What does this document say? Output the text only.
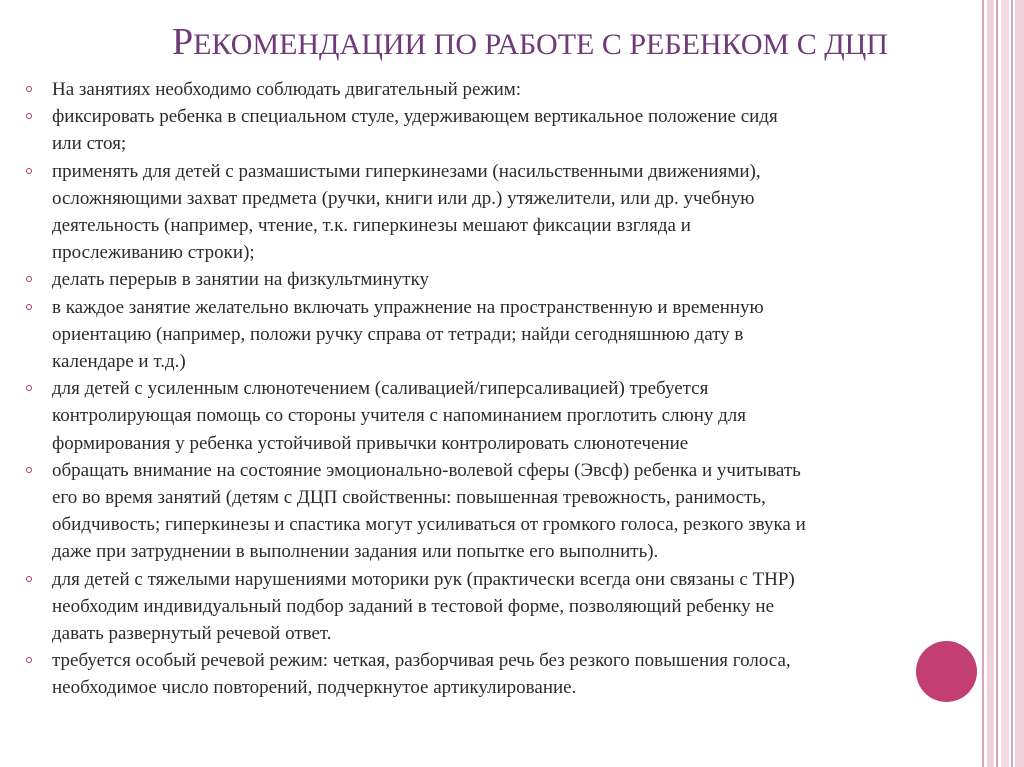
РЕКОМЕНДАЦИИ ПО РАБОТЕ С РЕБЕНКОМ С ДЦП
На занятиях необходимо соблюдать двигательный режим:
фиксировать ребенка в специальном стуле, удерживающем вертикальное положение сидя
или стоя;
применять для детей с размашистыми гиперкинезами (насильственными движениями),
осложняющими захват предмета (ручки, книги или др.) утяжелители, или др. учебную
деятельность (например, чтение, т.к. гиперкинезы мешают фиксации взгляда и
прослеживанию строки);
делать перерыв в занятии на физкультминутку
в каждое занятие желательно включать упражнение на пространственную и временную
ориентацию (например, положи ручку справа от тетради; найди сегодняшнюю дату в
календаре и т.д.)
для детей с усиленным слюнотечением (саливацией/гиперсаливацией) требуется
контролирующая помощь со стороны учителя с напоминанием проглотить слюну для
формирования у ребенка устойчивой привычки контролировать слюнотечение
обращать внимание на состояние эмоционально-волевой сферы (Эвсф) ребенка и учитывать
его во время занятий (детям с ДЦП свойственны: повышенная тревожность, ранимость,
обидчивость; гиперкинезы и спастика могут усиливаться от громкого голоса, резкого звука и
даже при затруднении в выполнении задания или попытке его выполнить).
для детей с тяжелыми нарушениями моторики рук (практически всегда они связаны с ТНР)
необходим индивидуальный подбор заданий в тестовой форме, позволяющий ребенку не
давать развернутый речевой ответ.
требуется особый речевой режим: четкая, разборчивая речь без резкого повышения голоса,
необходимое число повторений, подчеркнутое артикулирование.
